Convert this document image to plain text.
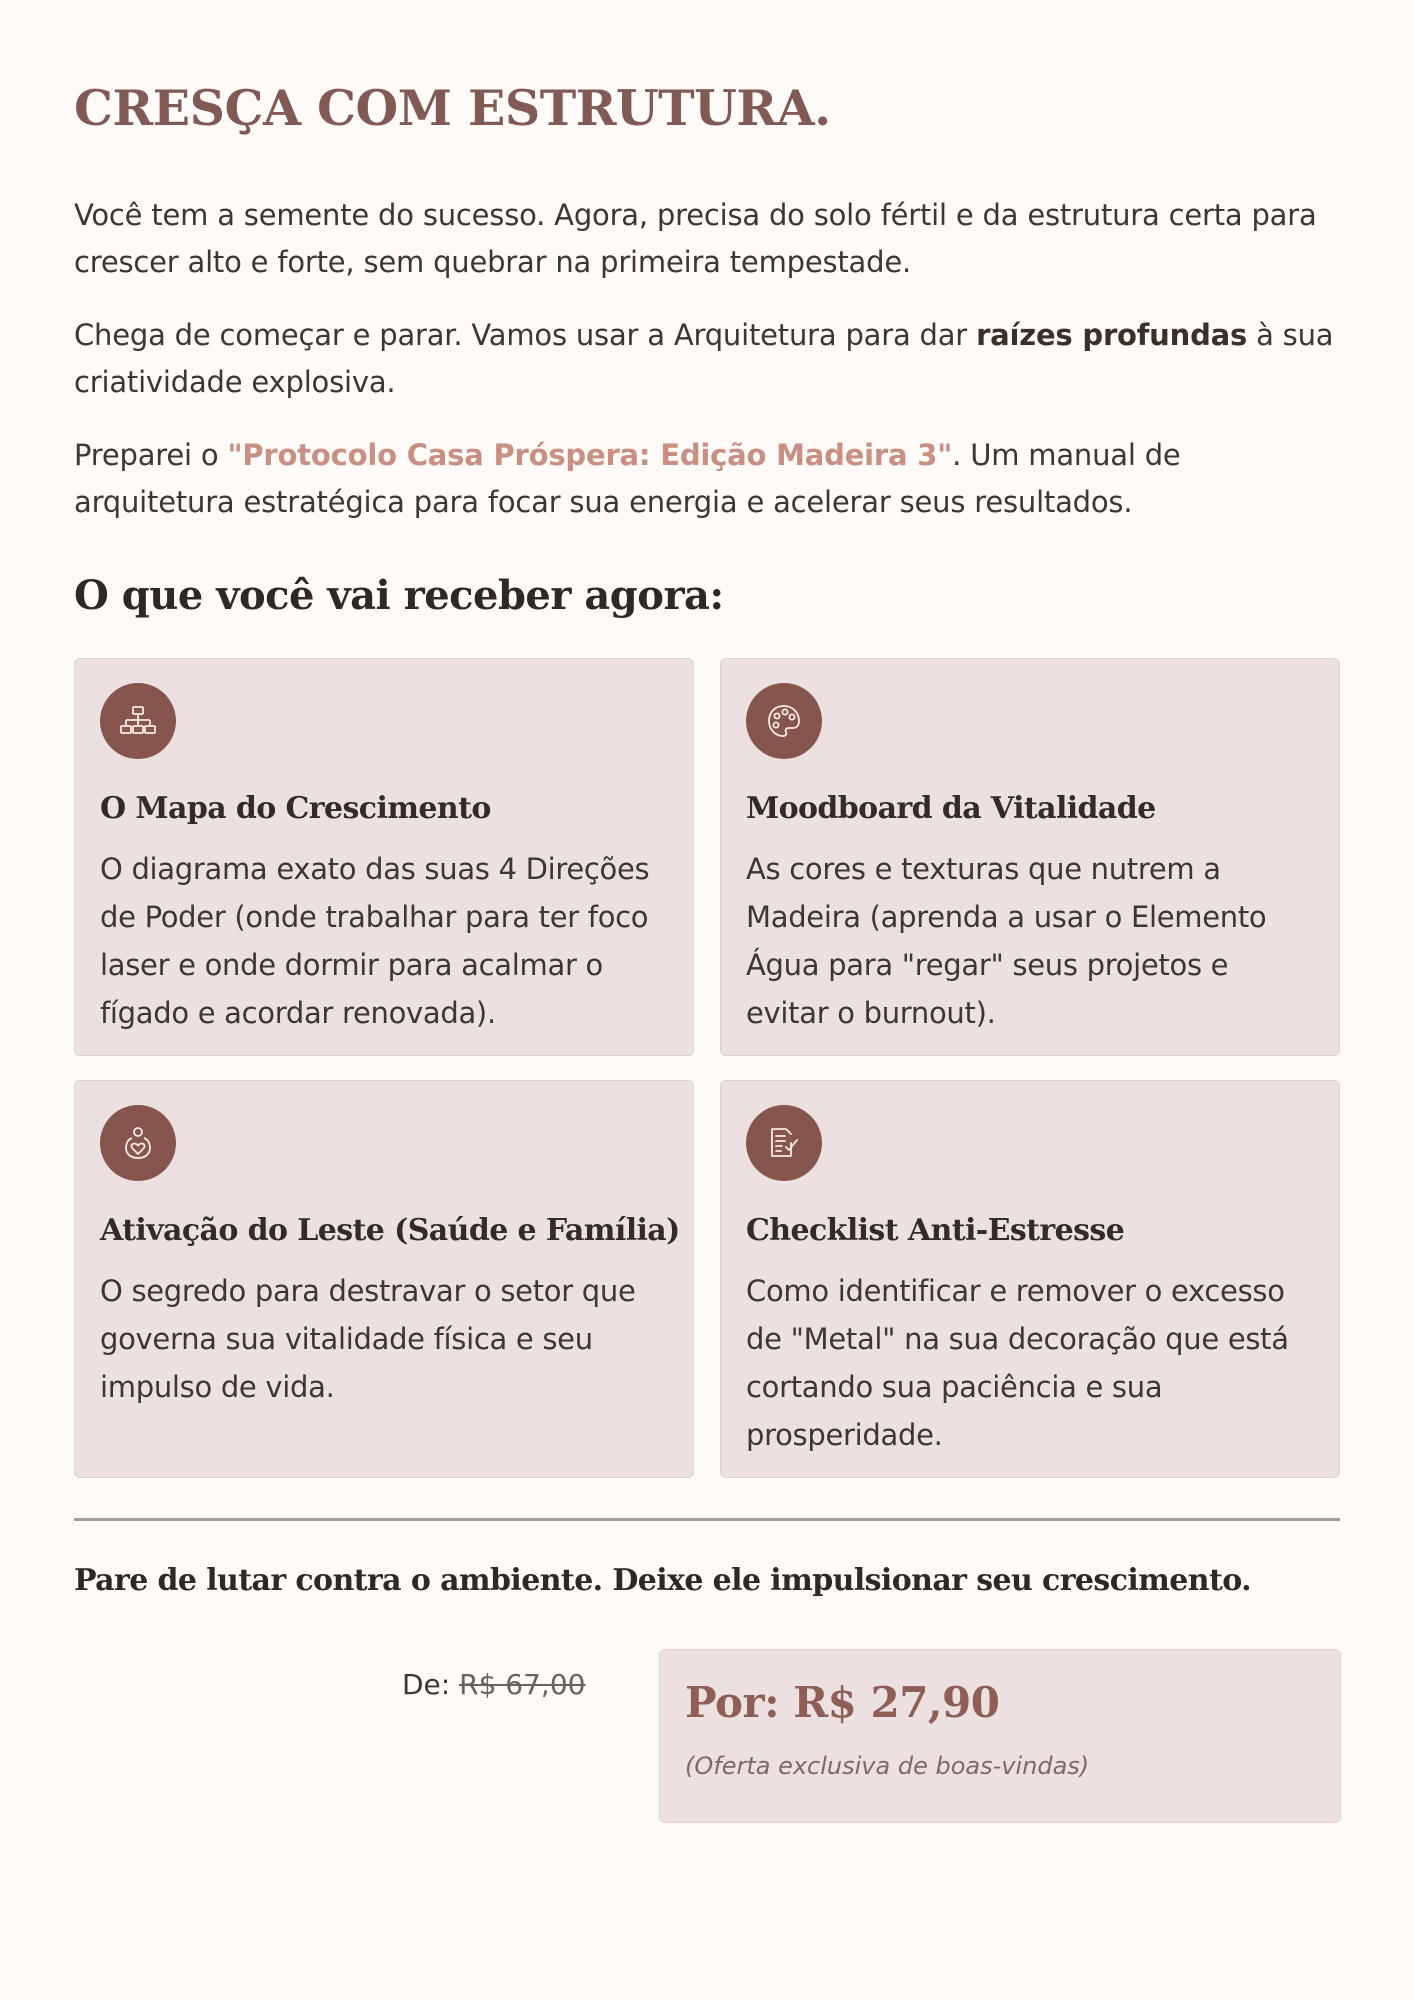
CRESÇA COM ESTRUTURA.

Você tem a semente do sucesso. Agora, precisa do solo fértil e da estrutura certa para crescer alto e forte, sem quebrar na primeira tempestade.

Chega de começar e parar. Vamos usar a Arquitetura para dar raízes profundas à sua criatividade explosiva.

Preparei o "Protocolo Casa Próspera: Edição Madeira 3". Um manual de arquitetura estratégica para focar sua energia e acelerar seus resultados.

O que você vai receber agora:
O Mapa do Crescimento

O diagrama exato das suas 4 Direções de Poder (onde trabalhar para ter foco laser e onde dormir para acalmar o fígado e acordar renovada).

Moodboard da Vitalidade

As cores e texturas que nutrem a Madeira (aprenda a usar o Elemento Água para "regar" seus projetos e evitar o burnout).

Ativação do Leste (Saúde e Família)

O segredo para destravar o setor que governa sua vitalidade física e seu impulso de vida.

Checklist Anti-Estresse

Como identificar e remover o excesso de "Metal" na sua decoração que está cortando sua paciência e sua prosperidade.

Pare de lutar contra o ambiente. Deixe ele impulsionar seu crescimento.

De: R$ 67,00 Por: R$ 27,90

(Oferta exclusiva de boas-vindas)
